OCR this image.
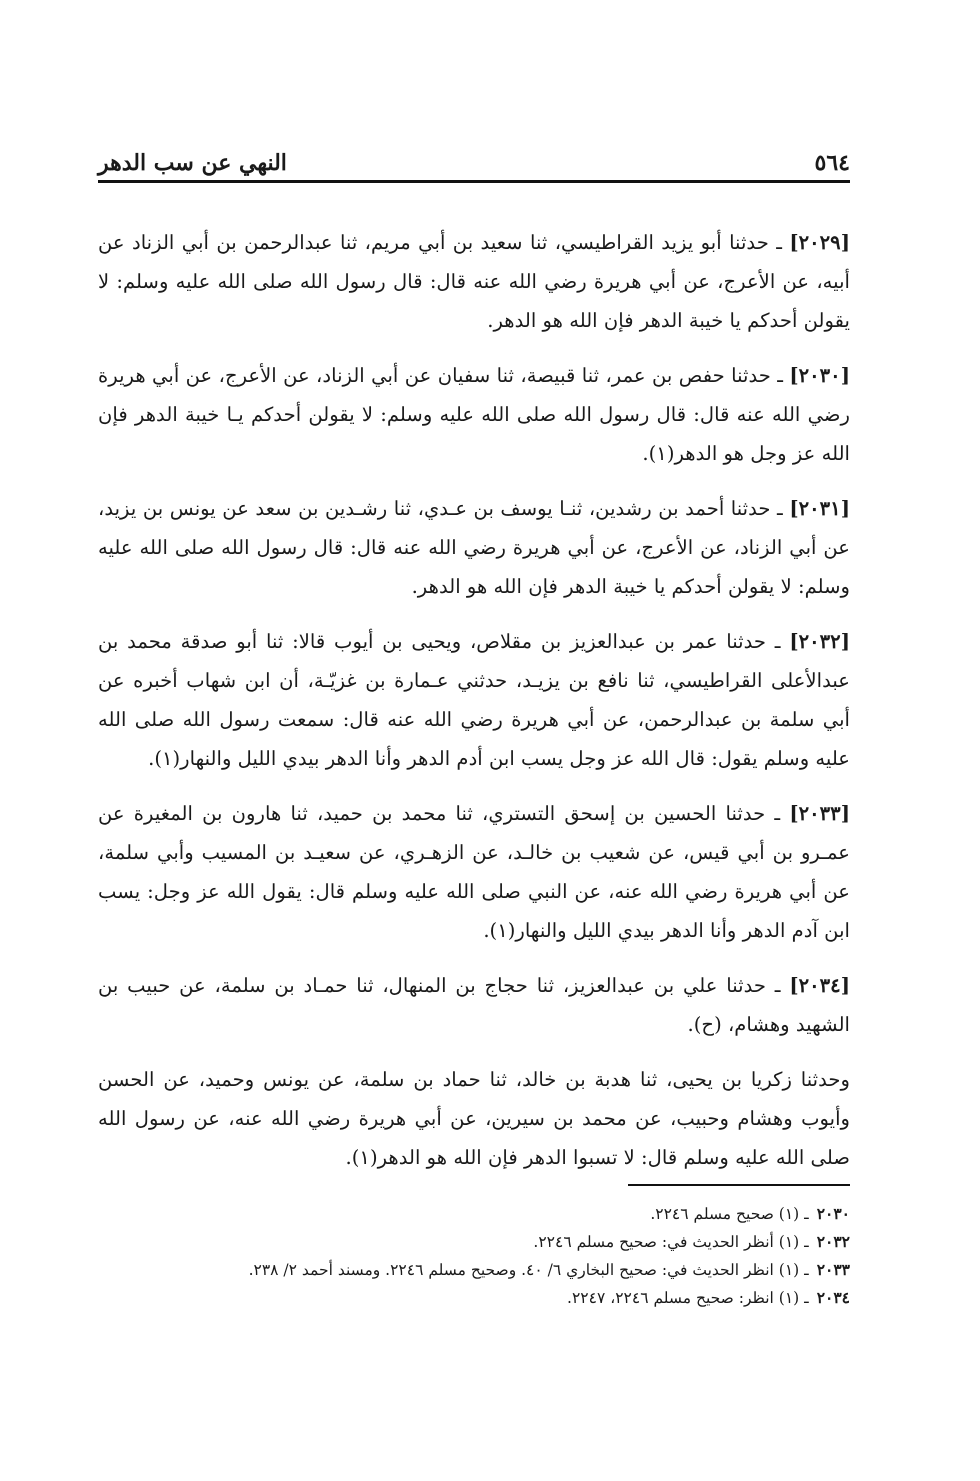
٥٦٤
النهي عن سب الدهر

[٢٠٢٩] ـ حدثنا أبو يزيد القراطيسي، ثنا سعيد بن أبي مريم، ثنا عبدالرحمن بن أبي الزناد عن أبيه، عن الأعرج، عن أبي هريرة رضي الله عنه قال: قال رسول الله صلى الله عليه وسلم: لا يقولن أحدكم يا خيبة الدهر فإن الله هو الدهر.

[٢٠٣٠] ـ حدثنا حفص بن عمر، ثنا قبيصة، ثنا سفيان عن أبي الزناد، عن الأعرج، عن أبي هريرة رضي الله عنه قال: قال رسول الله صلى الله عليه وسلم: لا يقولن أحدكم يـا خيبة الدهر فإن الله عز وجل هو الدهر(١).

[٢٠٣١] ـ حدثنا أحمد بن رشدين، ثنـا يوسف بن عـدي، ثنا رشـدين بن سعد عن يونس بن يزيد، عن أبي الزناد، عن الأعرج، عن أبي هريرة رضي الله عنه قال: قال رسول الله صلى الله عليه وسلم: لا يقولن أحدكم يا خيبة الدهر فإن الله هو الدهر.

[٢٠٣٢] ـ حدثنا عمر بن عبدالعزيز بن مقلاص، ويحيى بن أيوب قالا: ثنا أبو صدقة محمد بن عبدالأعلى القراطيسي، ثنا نافع بن يزيـد، حدثني عـمارة بن غزيّـة، أن ابن شهاب أخبره عن أبي سلمة بن عبدالرحمن، عن أبي هريرة رضي الله عنه قال: سمعت رسول الله صلى الله عليه وسلم يقول: قال الله عز وجل يسب ابن أدم الدهر وأنا الدهر بيدي الليل والنهار(١).

[٢٠٣٣] ـ حدثنا الحسين بن إسحق التستري، ثنا محمد بن حميد، ثنا هارون بن المغيرة عن عمـرو بن أبي قيس، عن شعيب بن خالـد، عن الزهـري، عن سعيـد بن المسيب وأبي سلمة، عن أبي هريرة رضي الله عنه، عن النبي صلى الله عليه وسلم قال: يقول الله عز وجل: يسب ابن آدم الدهر وأنا الدهر بيدي الليل والنهار(١).

[٢٠٣٤] ـ حدثنا علي بن عبدالعزيز، ثنا حجاج بن المنهال، ثنا حمـاد بن سلمة، عن حبيب بن الشهيد وهشام، (ح).

وحدثنا زكريا بن يحيى، ثنا هدبة بن خالد، ثنا حماد بن سلمة، عن يونس وحميد، عن الحسن وأيوب وهشام وحبيب، عن محمد بن سيرين، عن أبي هريرة رضي الله عنه، عن رسول الله صلى الله عليه وسلم قال: لا تسبوا الدهر فإن الله هو الدهر(١).

٢٠٣٠ـ (١) صحيح مسلم ٢٢٤٦.

٢٠٣٢ـ (١) أنظر الحديث في: صحيح مسلم ٢٢٤٦.

٢٠٣٣ـ (١) انظر الحديث في: صحيح البخاري ٦/ ٤٠. وصحيح مسلم ٢٢٤٦. ومسند أحمد ٢/ ٢٣٨.

٢٠٣٤ـ (١) انظر: صحيح مسلم ٢٢٤٦، ٢٢٤٧.
